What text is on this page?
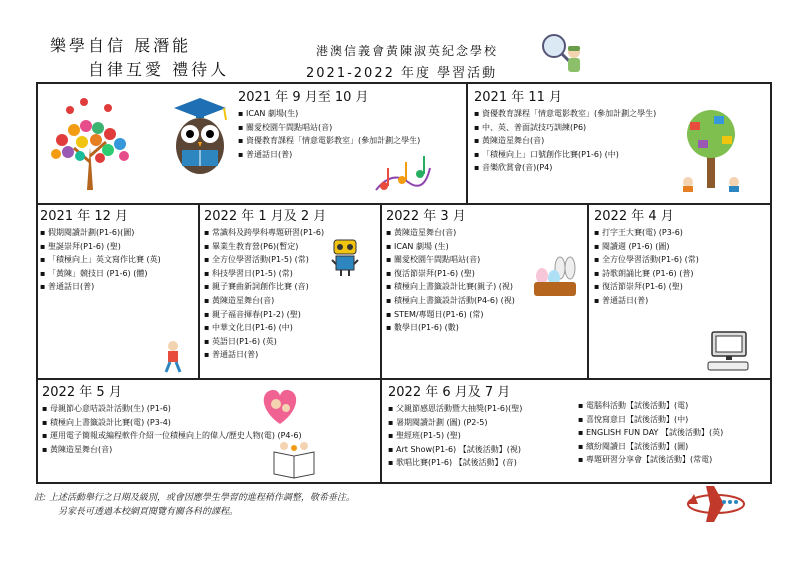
樂學自信 展潛能
自律互愛 禮待人
港澳信義會黃陳淑英紀念學校
2021-2022 年度 學習活動
2021 年 9 月至 10 月
▪ ICAN 劇場(生)
▪ 關愛校園午間點唱站(音)
▪ 資優教育課程「情意電影教室」(參加計劃之學生)
▪ 普通話日(普)
2021 年 11 月
▪ 資優教育課程「情意電影教室」(參加計劃之學生)
▪ 中、英、普面試技巧訓練(P6)
▪ 黃陳造星舞台(音)
▪ 「積極向上」口號創作比賽(P1-6) (中)
▪ 音樂欣賞會(音)(P4)
2021 年 12 月
▪ 假期閱讀計劃(P1-6)(圖)
▪ 聖誕崇拜(P1-6) (聖)
▪ 「積極向上」英文寫作比賽 (英)
▪ 「黃陳」競技日 (P1-6) (體)
▪ 普通話日(普)
2022 年 1 月及 2 月
▪ 常識科及跨學科專題研習(P1-6)
▪ 畢業生教育營(P6)(暫定)
▪ 全方位學習活動(P1-5) (常)
▪ 科技學習日(P1-5) (常)
▪ 親子賽曲新詞創作比賽 (音)
▪ 黃陳造星舞台(音)
▪ 親子福音揮春(P1-2) (聖)
▪ 中華文化日(P1-6) (中)
▪ 英語日(P1-6) (英)
▪ 普通話日(普)
2022 年 3 月
▪ 黃陳造星舞台(音)
▪ ICAN 劇場 (生)
▪ 關愛校園午間點唱站(音)
▪ 復活節崇拜(P1-6) (聖)
▪ 積極向上書籤設計比賽(親子) (視)
▪ 積極向上書籤設計活動(P4-6) (視)
▪ STEM/專題日(P1-6) (常)
▪ 數學日(P1-6) (數)
2022 年 4 月
▪ 打字王大賽(電) (P3-6)
▪ 閱讀週 (P1-6) (圖)
▪ 全方位學習活動(P1-6) (常)
▪ 詩歌朗誦比賽 (P1-6) (普)
▪ 復活節崇拜(P1-6) (聖)
▪ 普通話日(普)
2022 年 5 月
▪ 母親節心意咭設計活動(生) (P1-6)
▪ 積極向上書籤設計比賽(電) (P3-4)
▪ 運用電子簡報或編程軟件介紹一位積極向上的偉人/歷史人物(電) (P4-6)
▪ 黃陳造星舞台(音)
2022 年 6 月及 7 月
▪ 父親節感恩活動暨大抽獎(P1-6)(聖)
▪ 暑期閱讀計劃 (圖) (P2-5)
▪ 聖經班(P1-5) (聖)
▪ Art Show(P1-6) 【試後活動】(視)
▪ 歌唱比賽(P1-6) 【試後活動】(音)
▪ 電腦科活動【試後活動】(電)
▪ 喜悅寫意日【試後活動】(中)
▪ ENGLISH FUN DAY 【試後活動】(英)
▪ 繽紛閱讀日【試後活動】(圖)
▪ 專題研習分享會【試後活動】(常電)
註: 上述活動舉行之日期及級別，或會因應學生學習的進程稍作調整，敬希垂注。
另家長可透過本校網頁閱覽有關各科的課程。
